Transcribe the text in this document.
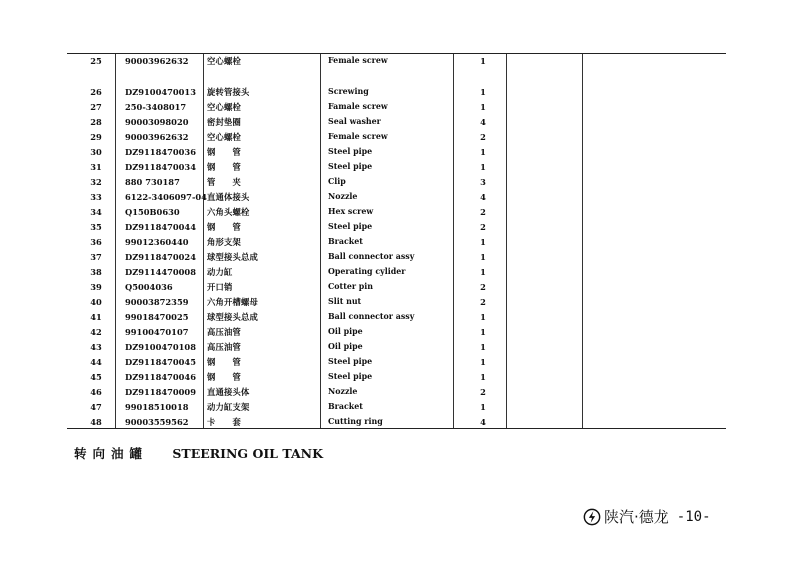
25	90003962632 空心螺栓	Female screw	1
26	DZ9100470013 旋转管接头	Screwing	1
27	250-3408017	空心螺栓	Famale screw	1
28	90003098020 密封垫圈	Seal washer	4
29	90003962632 空心螺栓	Female screw	2
30	DZ9118470036 钢　　管	Steel pipe	1
31	DZ9118470034 钢　　管	Steel pipe	1
32	880 730187	管　　夹	Clip	3
33	6122-3406097-04 直通体接头	Nozzle	4
34	Q150B0630	六角头螺栓	Hex screw	2
35	DZ9118470044 钢　　管	Steel pipe	2
36	99012360440 角形支架	Bracket	1
37	DZ9118470024 球型接头总成	Ball connector assy	1
38	DZ9114470008 动力缸	Operating cylider	1
39	Q5004036	开口销	Cotter pin	2
40	90003872359 六角开槽螺母	Slit nut	2
41	99018470025 球型接头总成	Ball connector assy	1
42	99100470107 高压油管	Oil pipe	1
43	DZ9100470108 高压油管	Oil pipe	1
44	DZ9118470045 钢　　管	Steel pipe	1
45	DZ9118470046 钢　　管	Steel pipe	1
46	DZ9118470009 直通接头体	Nozzle	2
47	99018510018 动力缸支架	Bracket	1
48	90003559562 卡　　套	Cutting ring	4
转向油罐 STEERING OIL TANK
陕汽·德龙 -10-
